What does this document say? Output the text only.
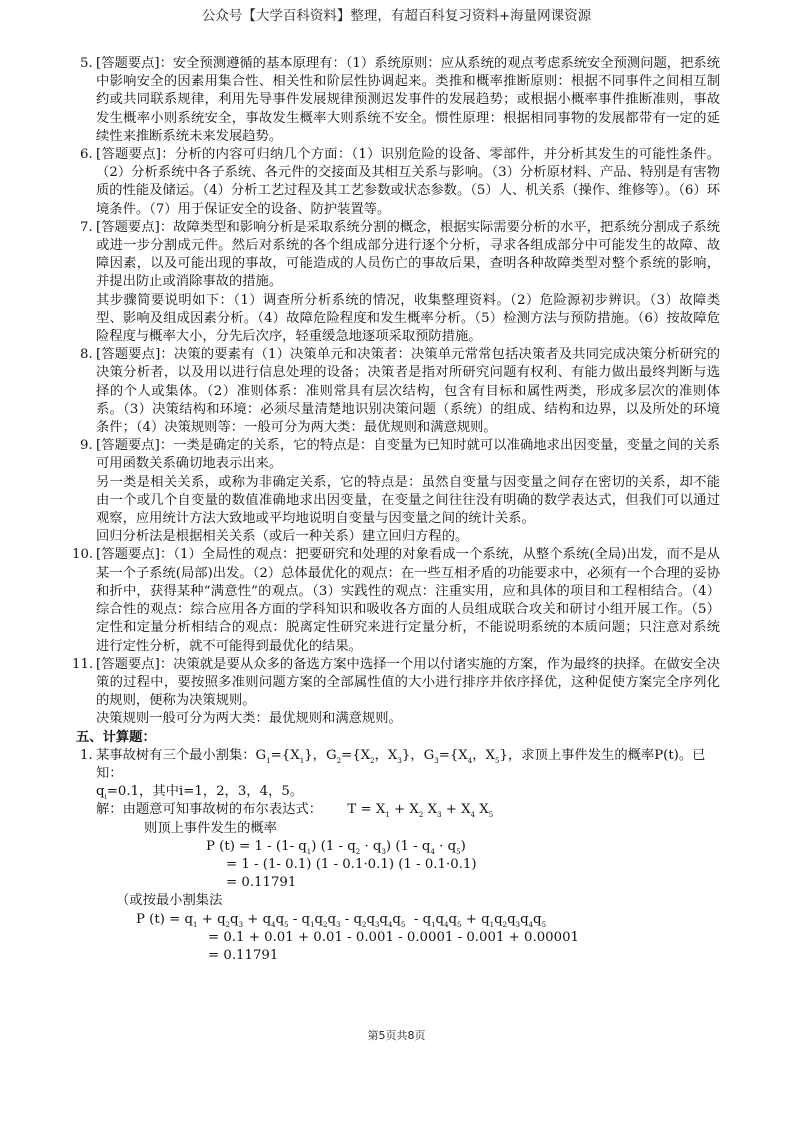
公众号【大学百科资料】整理，有超百科复习资料+海量网课资源
5. [答题要点]：安全预测遵循的基本原理有：（1）系统原则：应从系统的观点考虑系统安全预测问题，把系统中影响安全的因素用集合性、相关性和阶层性协调起来。类推和概率推断原则：根据不同事件之间相互制约或共同联系规律，利用先导事件发展规律预测迟发事件的发展趋势；或根据小概率事件推断准则，事故发生概率小则系统安全，事故发生概率大则系统不安全。惯性原理：根据相同事物的发展都带有一定的延续性来推断系统未来发展趋势。
6. [答题要点]：分析的内容可归纳几个方面：（1）识别危险的设备、零部件，并分析其发生的可能性条件。（2）分析系统中各子系统、各元件的交接面及其相互关系与影响。（3）分析原材料、产品、特别是有害物质的性能及储运。（4）分析工艺过程及其工艺参数或状态参数。（5）人、机关系（操作、维修等）。（6）环境条件。（7）用于保证安全的设备、防护装置等。
7. [答题要点]：故障类型和影响分析是采取系统分割的概念，根据实际需要分析的水平，把系统分割成子系统或进一步分割成元件。然后对系统的各个组成部分进行逐个分析，寻求各组成部分中可能发生的故障、故障因素，以及可能出现的事故，可能造成的人员伤亡的事故后果，查明各种故障类型对整个系统的影响，并提出防止或消除事故的措施。
其步骤简要说明如下：（1）调查所分析系统的情况，收集整理资料。（2）危险源初步辨识。（3）故障类型、影响及组成因素分析。（4）故障危险程度和发生概率分析。（5）检测方法与预防措施。（6）按故障危险程度与概率大小，分先后次序，轻重缓急地逐项采取预防措施。
8. [答题要点]：决策的要素有（1）决策单元和决策者：决策单元常常包括决策者及共同完成决策分析研究的决策分析者，以及用以进行信息处理的设备；决策者是指对所研究问题有权利、有能力做出最终判断与选择的个人或集体。（2）准则体系：准则常具有层次结构，包含有目标和属性两类，形成多层次的准则体系。（3）决策结构和环境：必须尽量清楚地识别决策问题（系统）的组成、结构和边界，以及所处的环境条件；（4）决策规则等：一般可分为两大类：最优规则和满意规则。
9. [答题要点]：一类是确定的关系，它的特点是：自变量为已知时就可以准确地求出因变量，变量之间的关系可用函数关系确切地表示出来。
另一类是相关关系，或称为非确定关系，它的特点是：虽然自变量与因变量之间存在密切的关系，却不能由一个或几个自变量的数值准确地求出因变量，在变量之间往往没有明确的数学表达式，但我们可以通过观察，应用统计方法大致地或平均地说明自变量与因变量之间的统计关系。
回归分析法是根据相关关系（或后一种关系）建立回归方程的。
10. [答题要点]：（1）全局性的观点：把要研究和处理的对象看成一个系统，从整个系统(全局)出发，而不是从某一个子系统(局部)出发。（2）总体最优化的观点：在一些互相矛盾的功能要求中，必须有一个合理的妥协和折中，获得某种“满意性”的观点。（3）实践性的观点：注重实用，应和具体的项目和工程相结合。（4）综合性的观点：综合应用各方面的学科知识和吸收各方面的人员组成联合攻关和研讨小组开展工作。（5）定性和定量分析相结合的观点：脱离定性研究来进行定量分析，不能说明系统的本质问题；只注意对系统进行定性分析，就不可能得到最优化的结果。
11. [答题要点]：决策就是要从众多的备选方案中选择一个用以付诸实施的方案，作为最终的抉择。在做安全决策的过程中，要按照多准则问题方案的全部属性值的大小进行排序并依序择优，这种促使方案完全序列化的规则，便称为决策规则。
决策规则一般可分为两大类：最优规则和满意规则。
五、计算题：
1. 某事故树有三个最小割集：$G_1=\{X_1\}$，$G_2=\{X_2$，$X_3$}，$G_3=\{X_4$，$X_5$}，求顶上事件发生的概率P(t)。已知：
$q_i=0.1$，其中i=1，2，3，4，5。
解：由题意可知事故树的布尔表达式： $T = X_1 + X_2$ $X_3 + X_4$ $X_5$
则顶上事件发生的概率
P (t) = 1 - (1- $q_1$) $(1 - q_2 \cdot q_3)$ $(1 - q_4 \cdot q_5)$
= 1 - (1- 0.1) (1 - 0.1·0.1) (1 - 0.1·0.1)
= 0.11791
（或按最小割集法
P $(t) = q_1 + q_2q_3 + q_4q_5 - q_1q_2q_3 - q_2q_3q_4q_5 - q_1q_4q_5 + q_1q_2q_3q_4q_5$
= 0.1 + 0.01 + 0.01 - 0.001 - 0.0001 - 0.001 + 0.00001
= 0.11791
第5页共8页
